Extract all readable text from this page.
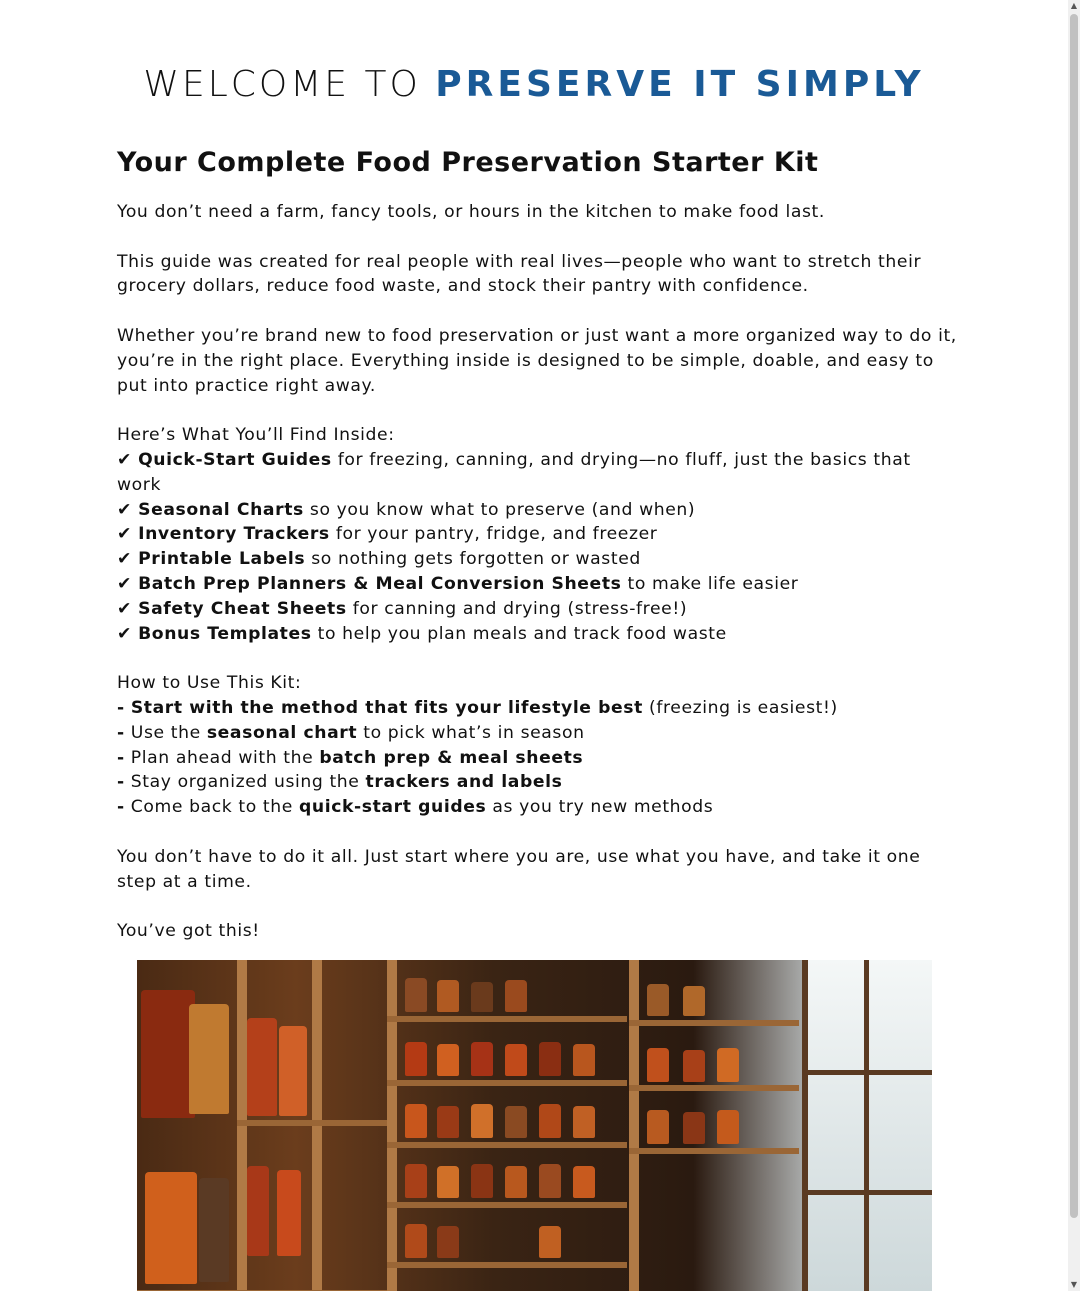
WELCOME TO PRESERVE IT SIMPLY
Your Complete Food Preservation Starter Kit

You don’t need a farm, fancy tools, or hours in the kitchen to make food last.

This guide was created for real people with real lives—people who want to stretch their grocery dollars, reduce food waste, and stock their pantry with confidence.

Whether you’re brand new to food preservation or just want a more organized way to do it, you’re in the right place. Everything inside is designed to be simple, doable, and easy to put into practice right away.

Here’s What You’ll Find Inside:
✔ Quick-Start Guides for freezing, canning, and drying—no fluff, just the basics that work
✔ Seasonal Charts so you know what to preserve (and when)
✔ Inventory Trackers for your pantry, fridge, and freezer
✔ Printable Labels so nothing gets forgotten or wasted
✔ Batch Prep Planners & Meal Conversion Sheets to make life easier
✔ Safety Cheat Sheets for canning and drying (stress-free!)
✔ Bonus Templates to help you plan meals and track food waste
How to Use This Kit:
- Start with the method that fits your lifestyle best (freezing is easiest!)
- Use the seasonal chart to pick what’s in season
- Plan ahead with the batch prep & meal sheets
- Stay organized using the trackers and labels
- Come back to the quick-start guides as you try new methods

You don’t have to do it all. Just start where you are, use what you have, and take it one step at a time.

You’ve got this!

▲
▼
